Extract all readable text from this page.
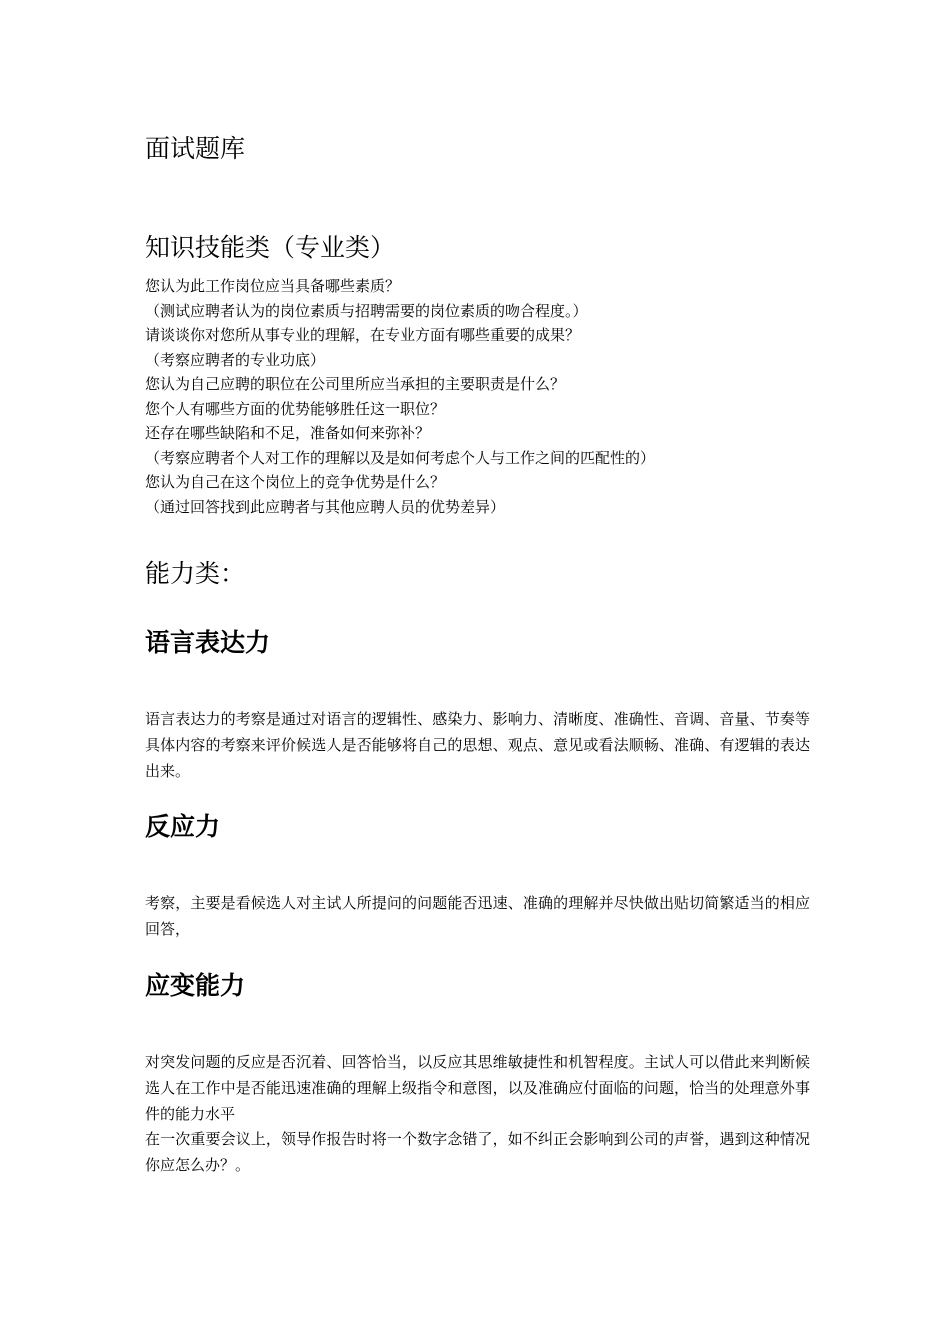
面试题库
知识技能类（专业类）
您认为此工作岗位应当具备哪些素质？
（测试应聘者认为的岗位素质与招聘需要的岗位素质的吻合程度。）
请谈谈你对您所从事专业的理解，在专业方面有哪些重要的成果？
（考察应聘者的专业功底）
您认为自己应聘的职位在公司里所应当承担的主要职责是什么？
您个人有哪些方面的优势能够胜任这一职位？
还存在哪些缺陷和不足，准备如何来弥补？
（考察应聘者个人对工作的理解以及是如何考虑个人与工作之间的匹配性的）
您认为自己在这个岗位上的竞争优势是什么？
（通过回答找到此应聘者与其他应聘人员的优势差异）
能力类：
语言表达力

语言表达力的考察是通过对语言的逻辑性、感染力、影响力、清晰度、准确性、音调、音量、节奏等具体内容的考察来评价候选人是否能够将自己的思想、观点、意见或看法顺畅、准确、有逻辑的表达出来。

反应力

考察，主要是看候选人对主试人所提问的问题能否迅速、准确的理解并尽快做出贴切简繁适当的相应回答，

应变能力

对突发问题的反应是否沉着、回答恰当，以反应其思维敏捷性和机智程度。主试人可以借此来判断候选人在工作中是否能迅速准确的理解上级指令和意图，以及准确应付面临的问题，恰当的处理意外事件的能力水平

在一次重要会议上，领导作报告时将一个数字念错了，如不纠正会影响到公司的声誉，遇到这种情况你应怎么办？。
